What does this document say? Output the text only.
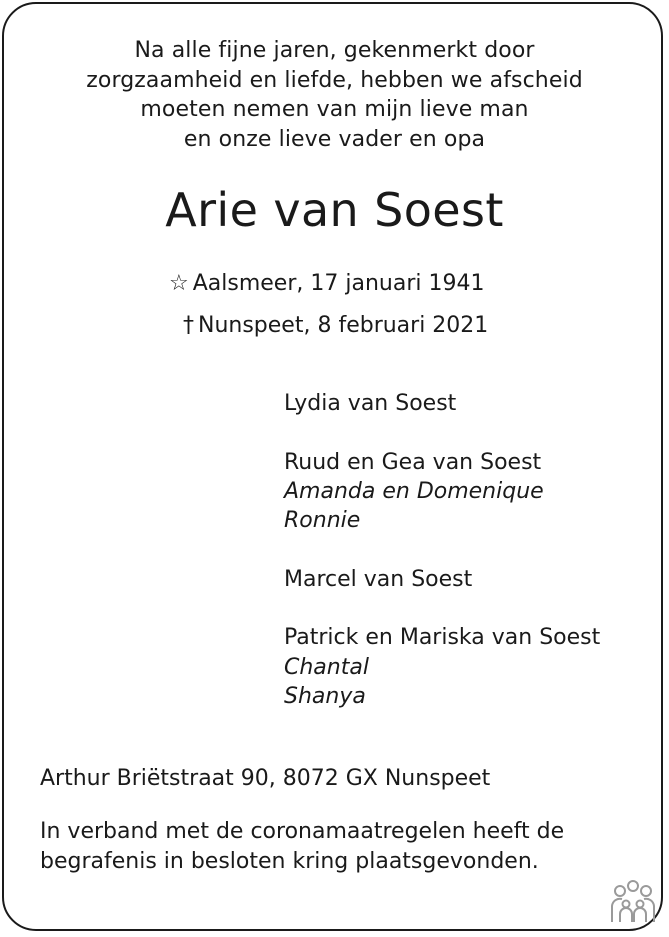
Na alle fijne jaren, gekenmerkt door
zorgzaamheid en liefde, hebben we afscheid
moeten nemen van mijn lieve man
en onze lieve vader en opa
Arie van Soest
☆ Aalsmeer, 17 januari 1941
† Nunspeet, 8 februari 2021
Lydia van Soest
Ruud en Gea van Soest
Amanda en Domenique
Ronnie
Marcel van Soest
Patrick en Mariska van Soest
Chantal
Shanya
Arthur Briëtstraat 90, 8072 GX Nunspeet
In verband met de coronamaatregelen heeft de
begrafenis in besloten kring plaatsgevonden.
